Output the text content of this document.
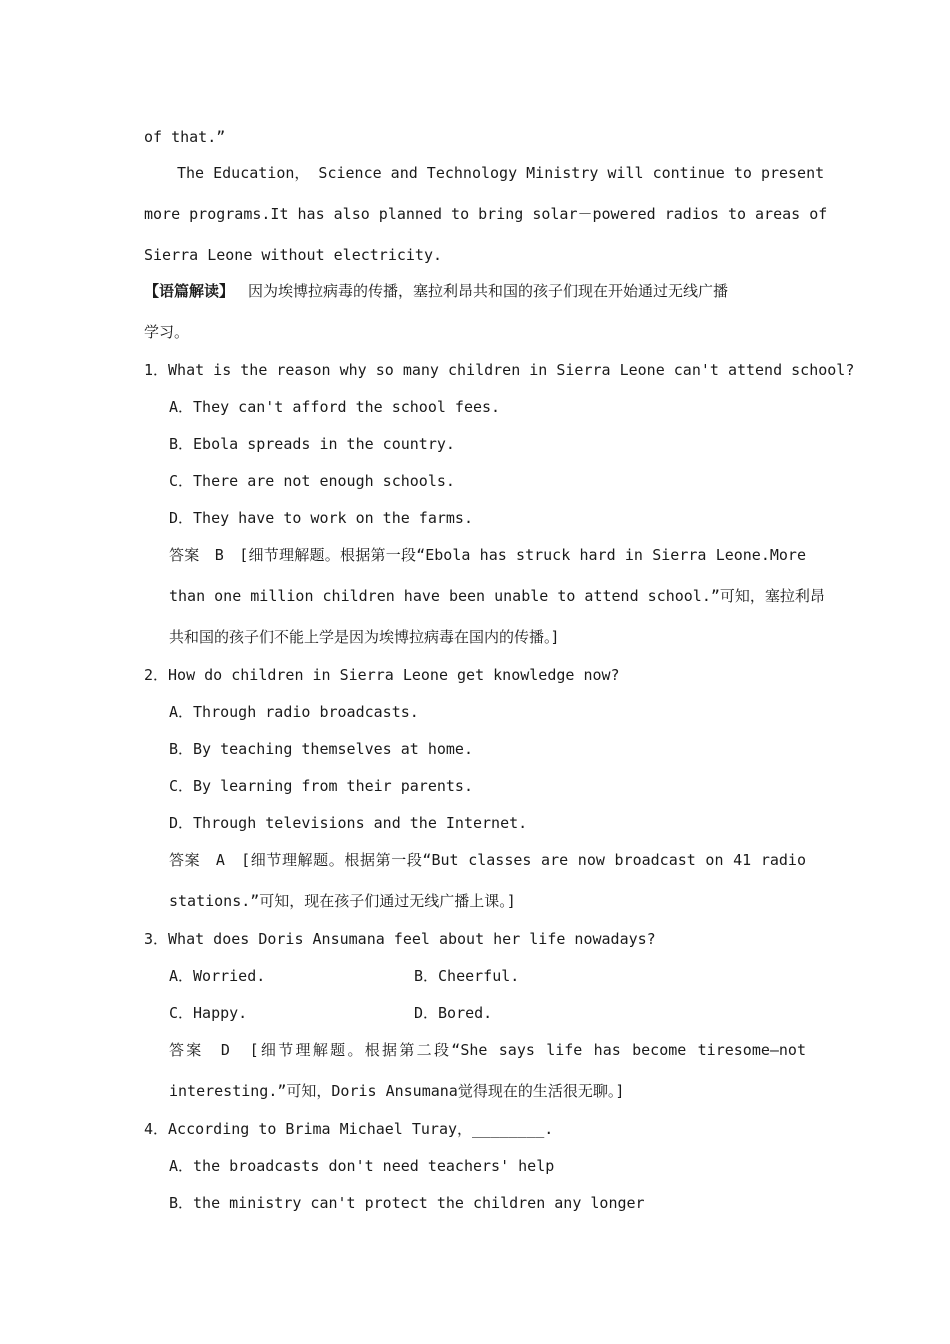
of that.”
The Education， Science and Technology Ministry will continue to present
more programs.It has also planned to bring solar－powered radios to areas of
Sierra Leone without electricity.
【语篇解读】 因为埃博拉病毒的传播，塞拉利昂共和国的孩子们现在开始通过无线广播
学习。
1．What is the reason why so many children in Sierra Leone can't attend school?
A．They can't afford the school fees.
B．Ebola spreads in the country.
C．There are not enough schools.
D．They have to work on the farms.
答案　B　[细节理解题。根据第一段“Ebola has struck hard in Sierra Leone.More
than one million children have been unable to attend school.”可知，塞拉利昂
共和国的孩子们不能上学是因为埃博拉病毒在国内的传播。]
2．How do children in Sierra Leone get knowledge now?
A．Through radio broadcasts.
B．By teaching themselves at home.
C．By learning from their parents.
D．Through televisions and the Internet.
答案　A　[细节理解题。根据第一段“But classes are now broadcast on 41 radio
stations.”可知，现在孩子们通过无线广播上课。]
3．What does Doris Ansumana feel about her life nowadays?
A．Worried.	B．Cheerful.
C．Happy.	D．Bored.
答案　D　[细节理解题。根据第二段“She says life has become tiresome—not
interesting.”可知，Doris Ansumana觉得现在的生活很无聊。]
4．According to Brima Michael Turay，________.
A．the broadcasts don't need teachers' help
B．the ministry can't protect the children any longer
